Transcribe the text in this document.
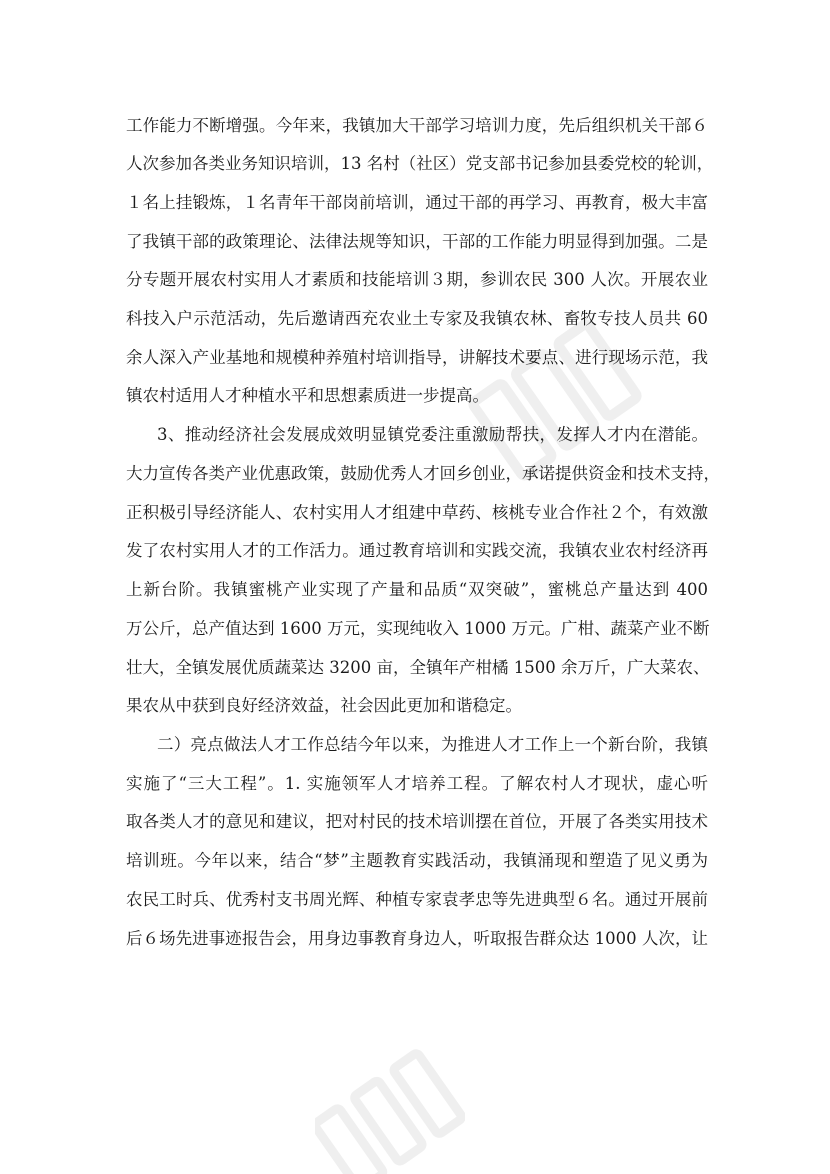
工作能力不断增强。今年来，我镇加大干部学习培训力度，先后组织机关干部６
人次参加各类业务知识培训，13 名村（社区）党支部书记参加县委党校的轮训，
１名上挂锻炼，１名青年干部岗前培训，通过干部的再学习、再教育，极大丰富
了我镇干部的政策理论、法律法规等知识，干部的工作能力明显得到加强。二是
分专题开展农村实用人才素质和技能培训３期，参训农民 300 人次。开展农业
科技入户示范活动，先后邀请西充农业土专家及我镇农林、畜牧专技人员共 60
余人深入产业基地和规模种养殖村培训指导，讲解技术要点、进行现场示范，我
镇农村适用人才种植水平和思想素质进一步提高。
3、推动经济社会发展成效明显镇党委注重激励帮扶，发挥人才内在潜能。
大力宣传各类产业优惠政策，鼓励优秀人才回乡创业，承诺提供资金和技术支持，
正积极引导经济能人、农村实用人才组建中草药、核桃专业合作社２个，有效激
发了农村实用人才的工作活力。通过教育培训和实践交流，我镇农业农村经济再
上新台阶。我镇蜜桃产业实现了产量和品质“双突破”，蜜桃总产量达到 400
万公斤，总产值达到 1600 万元，实现纯收入 1000 万元。广柑、蔬菜产业不断
壮大，全镇发展优质蔬菜达 3200 亩，全镇年产柑橘 1500 余万斤，广大菜农、
果农从中获到良好经济效益，社会因此更加和谐稳定。
二）亮点做法人才工作总结今年以来，为推进人才工作上一个新台阶，我镇
实施了“三大工程”。1. 实施领军人才培养工程。了解农村人才现状，虚心听
取各类人才的意见和建议，把对村民的技术培训摆在首位，开展了各类实用技术
培训班。今年以来，结合“梦”主题教育实践活动，我镇涌现和塑造了见义勇为
农民工时兵、优秀村支书周光辉、种植专家袁孝忠等先进典型６名。通过开展前
后６场先进事迹报告会，用身边事教育身边人，听取报告群众达 1000 人次，让
